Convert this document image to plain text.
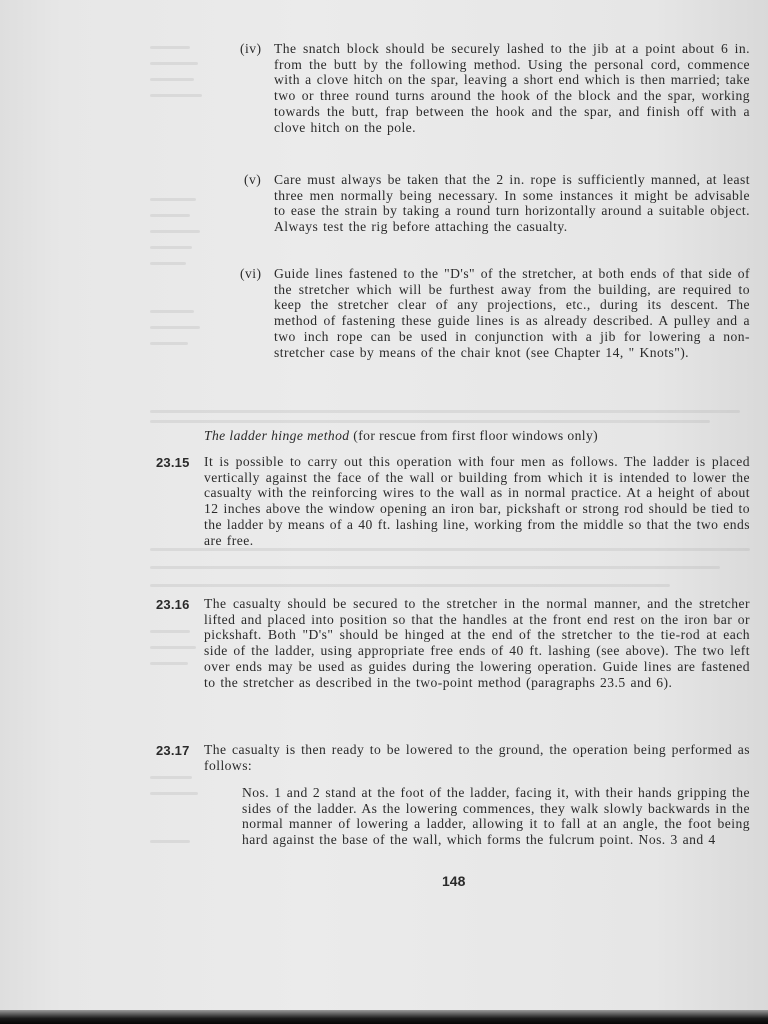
(iv) The snatch block should be securely lashed to the jib at a point about 6 in. from the butt by the following method. Using the personal cord, commence with a clove hitch on the spar, leaving a short end which is then married; take two or three round turns around the hook of the block and the spar, working towards the butt, frap between the hook and the spar, and finish off with a clove hitch on the pole.
(v) Care must always be taken that the 2 in. rope is sufficiently manned, at least three men normally being necessary. In some instances it might be advisable to ease the strain by taking a round turn horizontally around a suitable object. Always test the rig before attaching the casualty.
(vi) Guide lines fastened to the "D's" of the stretcher, at both ends of that side of the stretcher which will be furthest away from the building, are required to keep the stretcher clear of any projections, etc., during its descent. The method of fastening these guide lines is as already described. A pulley and a two inch rope can be used in conjunction with a jib for lowering a non-stretcher case by means of the chair knot (see Chapter 14, " Knots").
The ladder hinge method (for rescue from first floor windows only)
23.15 It is possible to carry out this operation with four men as follows. The ladder is placed vertically against the face of the wall or building from which it is intended to lower the casualty with the reinforcing wires to the wall as in normal practice. At a height of about 12 inches above the window opening an iron bar, pickshaft or strong rod should be tied to the ladder by means of a 40 ft. lashing line, working from the middle so that the two ends are free.
23.16 The casualty should be secured to the stretcher in the normal manner, and the stretcher lifted and placed into position so that the handles at the front end rest on the iron bar or pickshaft. Both "D's" should be hinged at the end of the stretcher to the tie-rod at each side of the ladder, using appropriate free ends of 40 ft. lashing (see above). The two left over ends may be used as guides during the lowering operation. Guide lines are fastened to the stretcher as described in the two-point method (paragraphs 23.5 and 6).
23.17 The casualty is then ready to be lowered to the ground, the operation being performed as follows:
Nos. 1 and 2 stand at the foot of the ladder, facing it, with their hands gripping the sides of the ladder. As the lowering commences, they walk slowly backwards in the normal manner of lowering a ladder, allowing it to fall at an angle, the foot being hard against the base of the wall, which forms the fulcrum point. Nos. 3 and 4
148
